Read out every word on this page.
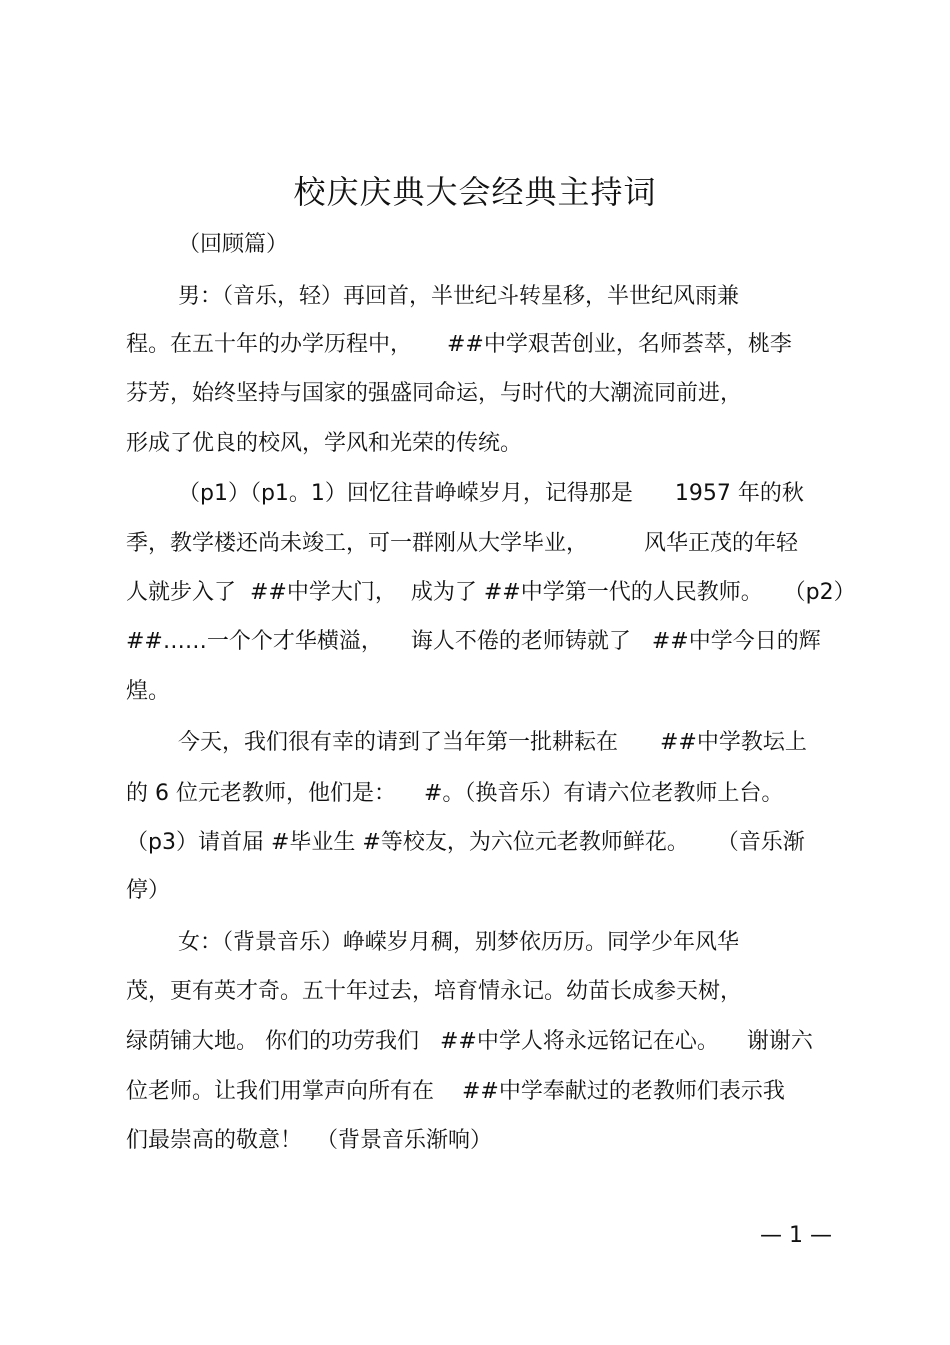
校庆庆典大会经典主持词
（回顾篇）
男：（音乐，轻）再回首，半世纪斗转星移，半世纪风雨兼
程。在五十年的办学历程中，     ##中学艰苦创业，名师荟萃，桃李
芬芳，始终坚持与国家的强盛同命运，与时代的大潮流同前进，
形成了优良的校风，学风和光荣的传统。
（p1）（p1。1）回忆往昔峥嵘岁月，记得那是      1957 年的秋
季，教学楼还尚未竣工，可一群刚从大学毕业，        风华正茂的年轻
人就步入了  ##中学大门，  成为了 ##中学第一代的人民教师。   （p2）
##……一个个才华横溢，    诲人不倦的老师铸就了   ##中学今日的辉
煌。
今天，我们很有幸的请到了当年第一批耕耘在      ##中学教坛上
的 6 位元老教师，他们是：    #。（换音乐）有请六位老教师上台。
（p3）请首届 #毕业生 #等校友，为六位元老教师鲜花。    （音乐渐
停）
女：（背景音乐）峥嵘岁月稠，别梦依历历。同学少年风华
茂，更有英才奇。五十年过去，培育情永记。幼苗长成参天树，
绿荫铺大地。 你们的功劳我们   ##中学人将永远铭记在心。    谢谢六
位老师。让我们用掌声向所有在    ##中学奉献过的老教师们表示我
们最崇高的敬意！  （背景音乐渐响）
— 1 —
